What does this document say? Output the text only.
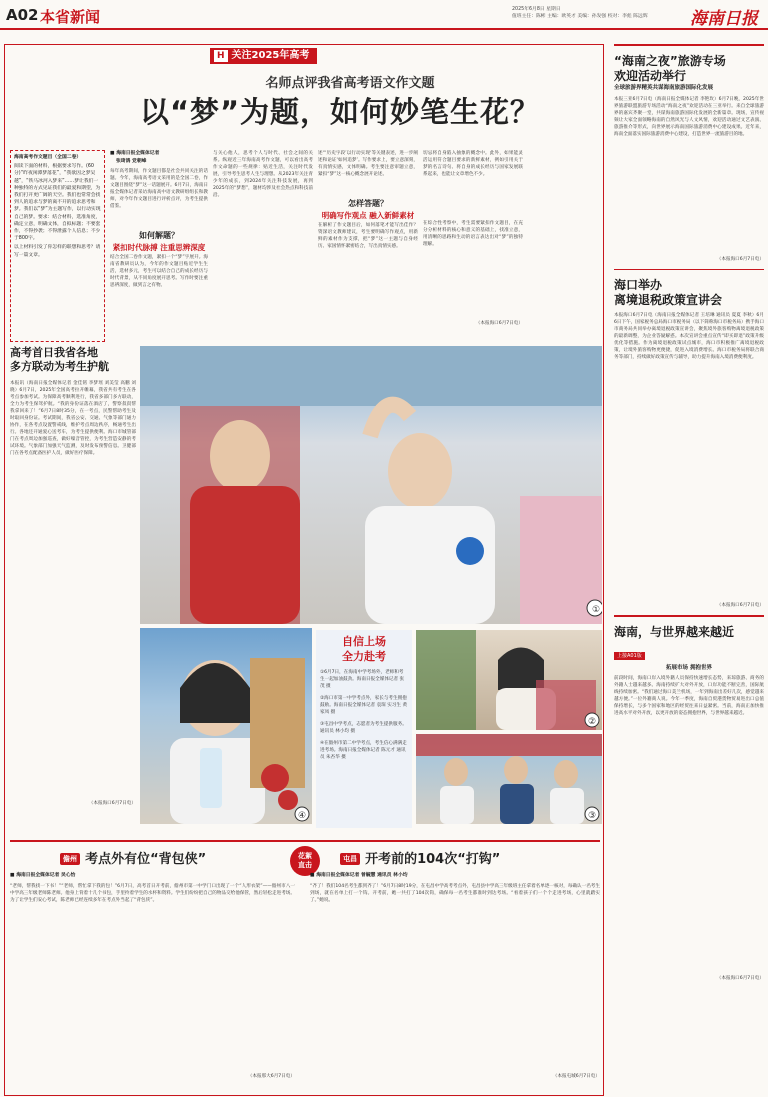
A02 本省新闻	2025年6月8日 星期日
值班主任：陈彬 主编：欧英才 美编：孙发强 校对：李彪 陈远辉	海南日报
H 关注2025年高考
名师点评我省高考语文作文题
以“梦”为题，如何妙笔生花？
海南高考作文题目（全国二卷）
阅读下面的材料，根据要求写作。(60分)“昨夜闲潭梦落花”，“我欲因之梦吴越”，“铁马冰河入梦来”……梦让我们一种独特的方式见证我们的最爱和期望，为我们打开更广阔的天空。我们也常常会找到人的追求与梦的离不开的追求思考和梦。我们以“梦”为主题写作，以行动实现自己的梦。要求：结合材料，选准角度，确定立意，明确文体，自拟标题；不要套作，不得抄袭；不得泄露个人信息；不少于800字。
以上材料引发了你怎样的联想和思考？请写一篇文章。
■ 海南日报全媒体记者
张琦鸽 党朝峰
每年高考期间，作文题目都是社会共同关注的话题。今年，海南高考语文采用的是全国二卷，作文题目围绕“梦”这一话题展开。6月7日，海南日报全媒体记者采访海南高中语文教研组组长和教师，对今年作文题目进行评析点评，为考生提供借鉴。
如何解题？
紧扣时代脉搏 注重思辨深度
结合全国二卷作文题，紧扣一个“梦”字展开。海南省教研员认为，今年的作文题目贴近学生生活，选材多元，考生可以结合自己的成长经历与时代背景，从不同角度展开思考。写作时要注重思辨深度，做到言之有物。
与关心他人，思考个人与时代、社会之间的关系。纵观近三年海南高考作文题，可以看出高考作文命题的一些规律：贴近生活，关注时代发展，引导考生思考人生与理想。从2023年关注青少年的成长，到2024年关注科技发展，再到2025年的“梦想”，题材均涉及社会热点和科技前沿。
述“‘历史字段’以行动实现‘等关键表述，进一步阐述和论证‘如何追梦’。写作要求上，要立意深刻，有真情实感，文体明确。考生要注意审题立意，紧扣“梦”这一核心概念展开论述。
怎样答题？
明确写作观点 融入新鲜素材
在解析了作文题目后，如何落笔才能写出佳作？资深语文教师建议，考生要明确写作观点，用新鲜的素材作为支撑，把“梦”这一主题与自身经历、家国情怀紧密结合，写出真情实感。
切忌将自身陷入抽象的概念中。此外，如果能灵活运用符合题目要求的新鲜素材，例如引用关于梦的名言诗句、将自身的成长经历与国家发展联系起来，也能让文章增色不少。
在综合性考察中，考生需要紧扣作文题目，在充分分析材料的核心和意义的基础上，找准立意，用清晰的思路和生动的语言表达出对“梦”的独特理解。
（本报海口6月7日电）
高考首日我省各地
多方联动为考生护航
本报讯（海南日报全媒体记者 金佳铭 李梦瑶 刘美莹 高鹏 刘晓）6月7日，2025年全国高考拉开帷幕，我省共有考生在各考点参加考试。为保障高考顺利进行，我省多部门多方联动，全力为考生保驾护航。“我的身份证落在酒店了，警察叔叔帮我拿回来了！”6月7日8时35分，在一考点，民警帮助考生及时取回身份证。考试期间，我省公安、交通、气象等部门通力协作，在各考点设置警戒线，维护考点周边秩序，畅通考生出行。各地还开通爱心送考车，为考生提供便利。海口市城管部门在考点周边加强巡查，做好噪音管控，为考生营造安静的考试环境。气象部门加强天气监测，及时发布预警信息。卫健部门在各考点配备医护人员，做好医疗保障。
（本报海口6月7日电）
①
④
自信上场
全力赴考
①6月7日，在海南中学考场外，老师和考生一起加油鼓劲。海南日报全媒体记者 张茂 摄
②海口市第一中学考点外，家长与考生拥抱鼓励。海南日报全媒体记者 袁琛 实习生 黄家凤 摄
③屯昌中学考点，志愿者为考生提供服务。通讯员 林小均 摄
④在儋州市第二中学考点，考生信心满满走进考场。海南日报全媒体记者 陈元才 通讯员 朱杏华 摄
②
③
儋州 考点外有位“背包侠”
■ 海南日报全媒体记者 吴心怡
“老师，帮我找一下书！”“老师，帮忙拿下我的包！”6月7日，高考首日开考前，儋州市第一中学门口出现了一个“人形衣架”——儋州市八一中学高三年级老师陈老师。他身上背着十几个书包，手里拎着学生的水杯和资料。学生们纷纷把自己的物品交给他保管，然后轻松走进考场。为了让学生们安心考试，陈老师已经连续多年在考点外当起了“背包侠”。
（本报那大6月7日电）
花絮
直击
屯昌 开考前的104次“打钩”
■ 海南日报全媒体记者 曾毓慧 通讯员 林小均
“齐了！我们104名考生都到齐了！”6月7日8时19分，在屯昌中学高考考点外，屯昌县中学高三年级班主任拿着名单逐一核对，每确认一名考生到场，就在名单上打一个钩。开考前，她一共打了104次钩，确保每一名考生都准时到达考场。“看着孩子们一个个走进考场，心里就踏实了。”她说。
（本报屯城6月7日电）
“海南之夜”旅游专场
欢迎活动举行
全球旅游界精英共谋海南旅游国际化发展
本报三亚6月7日电（海南日报全媒体记者 李艳玫）6月7日晚，2025年世界旅游联盟旅游专场活动“海南之夜”欢迎活动在三亚举行。来自全球旅游界的嘉宾齐聚一堂，共谋海南旅游国际化发展的全新篇章。现场，宣传视频让大家全面领略海南的自然风光与人文风情，欢迎活动通过文艺表演、旅游推介等形式，向世界展示海南国际旅游消费中心建设成果。近年来，海南全面落实国际旅游消费中心建设，打造世界一流旅游目的地。
（本报海口6月7日电）
海口举办
离境退税政策宣讲会
本报海口6月7日电（海南日报全媒体记者 王培琳 通讯员 夏夏 李秋）6月6日下午，国家税务总局海口市税务局（以下简称海口市税务局）携手海口市商务局共同举办离境退税政策宣讲会，聚焦境外旅客购物离境退税政策的最新调整，为企业答疑解惑。本次宣讲会重点宣传“即买即退”政策升级优化等措施。作为离境退税政策试点城市，海口市积极推广离境退税政策，让境外旅客购物更便捷，促进入境消费增长。海口市税务局将联合商务等部门，持续做好政策宣传与辅导，助力提升海南入境消费便利度。
（本报海口6月7日电）
海南，与世界越来越近
上接A01版
拓展市场 拥抱世界
前段时间，海南口岸入境外籍人员保持快速增长态势，来琼旅游、商务的外籍人士越来越多。海南持续扩大对外开放，口岸功能不断完善，国际航线持续加密。“我们通过海口美兰机场，一年到海南出差好几次，感觉越来越方便。”一位外籍商人说。今年一季度，海南自贸港货物贸易进出口总值保持增长，与多个国家和地区的经贸往来日益紧密。当前，海南正加快推进高水平对外开放，以更开放的姿态拥抱世界，与世界越来越近。
（本报海口6月7日电）
